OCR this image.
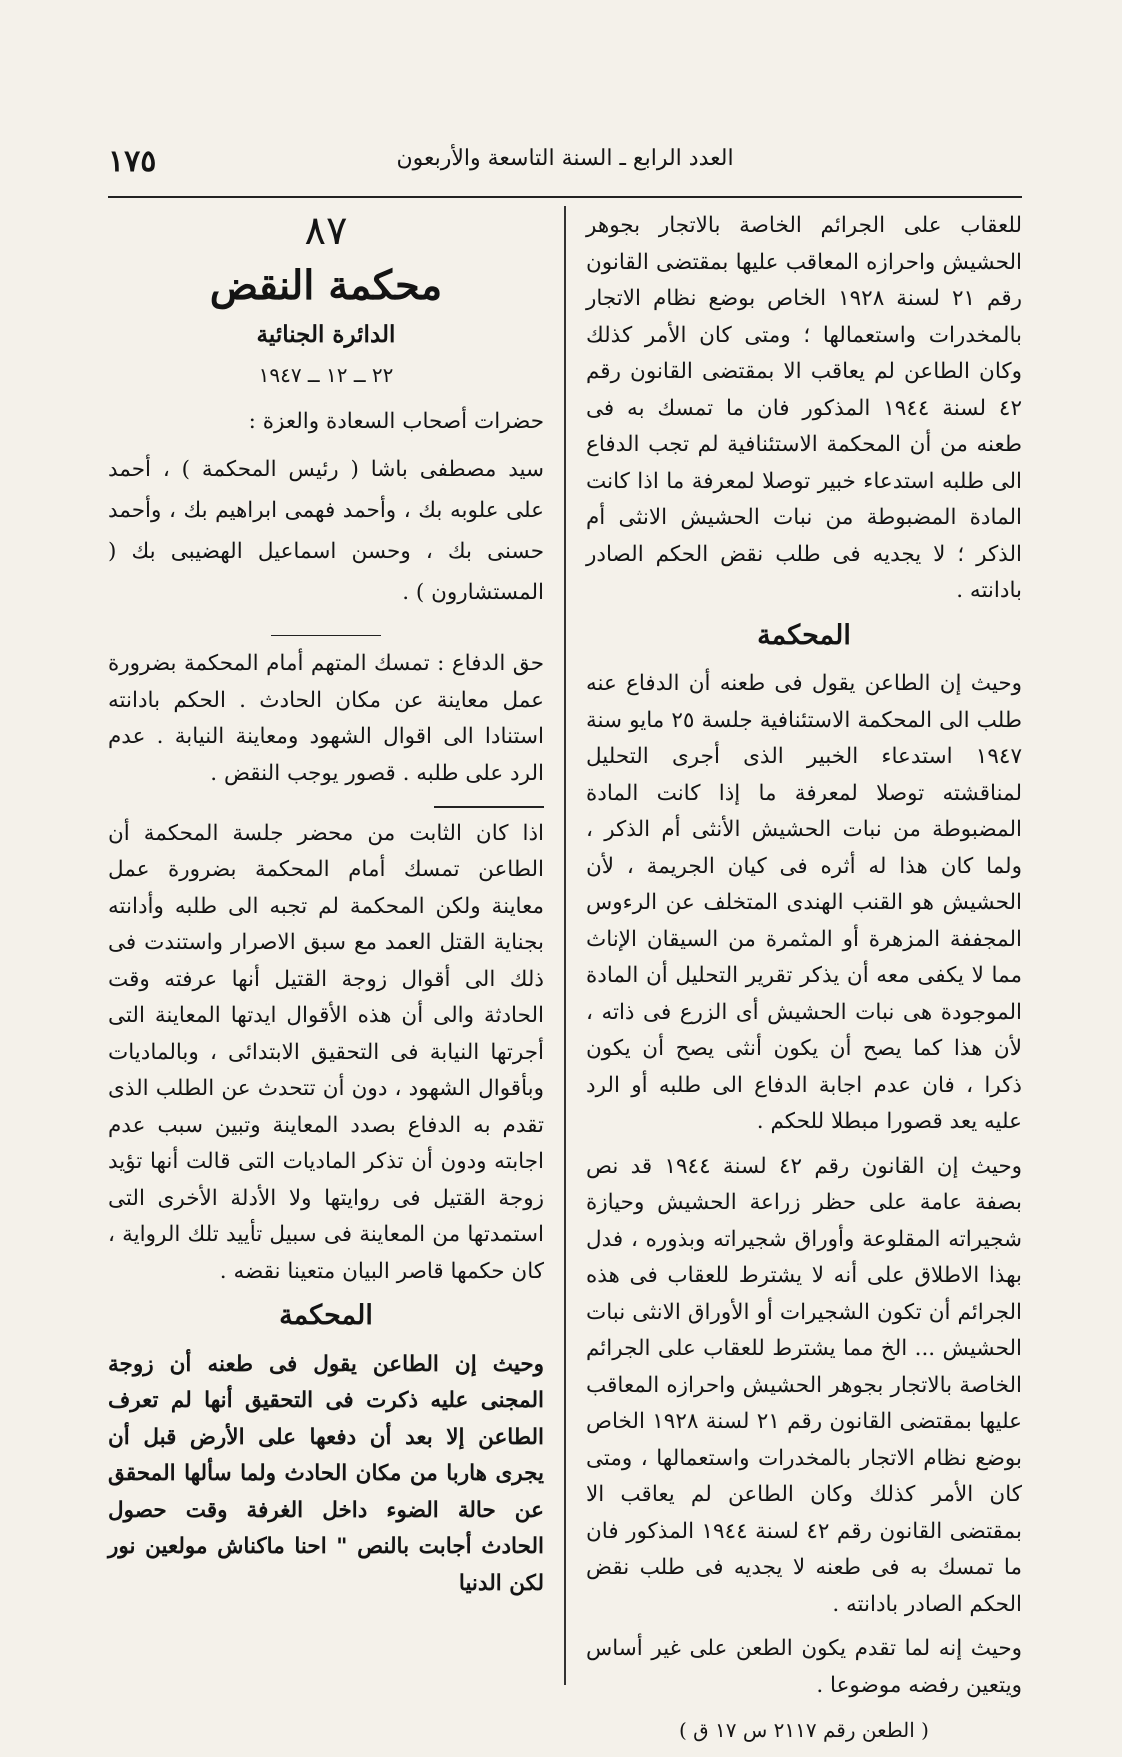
١٧٥	العدد الرابع ـ السنة التاسعة والأربعون

للعقاب على الجرائم الخاصة بالاتجار بجوهر الحشيش واحرازه المعاقب عليها بمقتضى القانون رقم ٢١ لسنة ١٩٢٨ الخاص بوضع نظام الاتجار بالمخدرات واستعمالها ؛ ومتى كان الأمر كذلك وكان الطاعن لم يعاقب الا بمقتضى القانون رقم ٤٢ لسنة ١٩٤٤ المذكور فان ما تمسك به فى طعنه من أن المحكمة الاستئنافية لم تجب الدفاع الى طلبه استدعاء خبير توصلا لمعرفة ما اذا كانت المادة المضبوطة من نبات الحشيش الانثى أم الذكر ؛ لا يجديه فى طلب نقض الحكم الصادر بادانته .

المحكمة

وحيث إن الطاعن يقول فى طعنه أن الدفاع عنه طلب الى المحكمة الاستئنافية جلسة ٢٥ مايو سنة ١٩٤٧ استدعاء الخبير الذى أجرى التحليل لمناقشته توصلا لمعرفة ما إذا كانت المادة المضبوطة من نبات الحشيش الأنثى أم الذكر ، ولما كان هذا له أثره فى كيان الجريمة ، لأن الحشيش هو القنب الهندى المتخلف عن الرءوس المجففة المزهرة أو المثمرة من السيقان الإناث مما لا يكفى معه أن يذكر تقرير التحليل أن المادة الموجودة هى نبات الحشيش أى الزرع فى ذاته ، لأن هذا كما يصح أن يكون أنثى يصح أن يكون ذكرا ، فان عدم اجابة الدفاع الى طلبه أو الرد عليه يعد قصورا مبطلا للحكم .

وحيث إن القانون رقم ٤٢ لسنة ١٩٤٤ قد نص بصفة عامة على حظر زراعة الحشيش وحيازة شجيراته المقلوعة وأوراق شجيراته وبذوره ، فدل بهذا الاطلاق على أنه لا يشترط للعقاب فى هذه الجرائم أن تكون الشجيرات أو الأوراق الانثى نبات الحشيش ... الخ مما يشترط للعقاب على الجرائم الخاصة بالاتجار بجوهر الحشيش واحرازه المعاقب عليها بمقتضى القانون رقم ٢١ لسنة ١٩٢٨ الخاص بوضع نظام الاتجار بالمخدرات واستعمالها ، ومتى كان الأمر كذلك وكان الطاعن لم يعاقب الا بمقتضى القانون رقم ٤٢ لسنة ١٩٤٤ المذكور فان ما تمسك به فى طعنه لا يجديه فى طلب نقض الحكم الصادر بادانته .

وحيث إنه لما تقدم يكون الطعن على غير أساس ويتعين رفضه موضوعا .

( الطعن رقم ٢١١٧ س ١٧ ق )

٨٧

محكمة النقض

الدائرة الجنائية

٢٢ ــ ١٢ ــ ١٩٤٧

حضرات أصحاب السعادة والعزة :

سيد مصطفى باشا ( رئيس المحكمة ) ، أحمد على علوبه بك ، وأحمد فهمى ابراهيم بك ، وأحمد حسنى بك ، وحسن اسماعيل الهضيبى بك ( المستشارون ) .

حق الدفاع : تمسك المتهم أمام المحكمة بضرورة عمل معاينة عن مكان الحادث . الحكم بادانته استنادا الى اقوال الشهود ومعاينة النيابة . عدم الرد على طلبه . قصور يوجب النقض .

اذا كان الثابت من محضر جلسة المحكمة أن الطاعن تمسك أمام المحكمة بضرورة عمل معاينة ولكن المحكمة لم تجبه الى طلبه وأدانته بجناية القتل العمد مع سبق الاصرار واستندت فى ذلك الى أقوال زوجة القتيل أنها عرفته وقت الحادثة والى أن هذه الأقوال ايدتها المعاينة التى أجرتها النيابة فى التحقيق الابتدائى ، وبالماديات وبأقوال الشهود ، دون أن تتحدث عن الطلب الذى تقدم به الدفاع بصدد المعاينة وتبين سبب عدم اجابته ودون أن تذكر الماديات التى قالت أنها تؤيد زوجة القتيل فى روايتها ولا الأدلة الأخرى التى استمدتها من المعاينة فى سبيل تأييد تلك الرواية ، كان حكمها قاصر البيان متعينا نقضه .

المحكمة

وحيث إن الطاعن يقول فى طعنه أن زوجة المجنى عليه ذكرت فى التحقيق أنها لم تعرف الطاعن إلا بعد أن دفعها على الأرض قبل أن يجرى هاربا من مكان الحادث ولما سألها المحقق عن حالة الضوء داخل الغرفة وقت حصول الحادث أجابت بالنص " احنا ماكناش مولعين نور لكن الدنيا
